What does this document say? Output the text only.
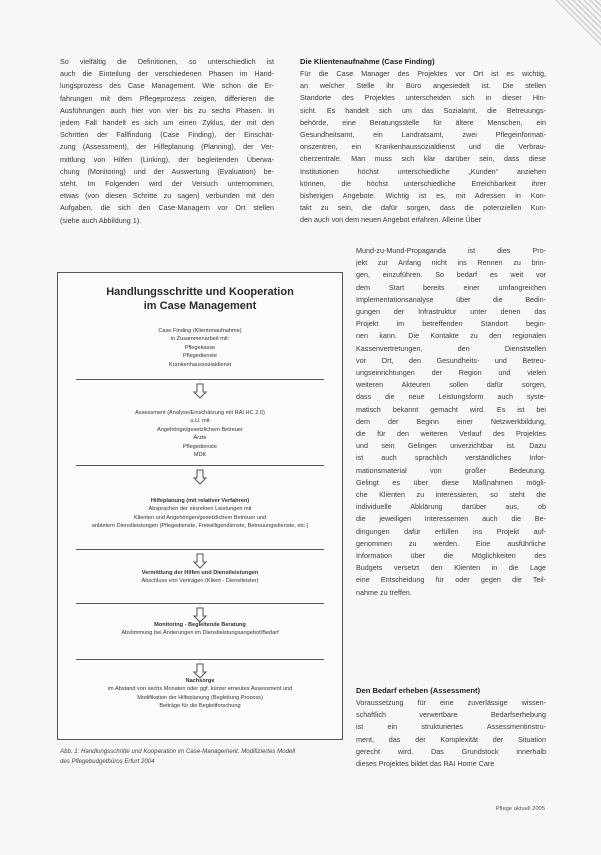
So vielfältig die Definitionen, so unterschiedlich ist
auch die Einteilung der verschiedenen Phasen im Hand-
lungsprozess des Case Management. Wie schon die Er-
fahrungen mit dem Pflegeprozess zeigen, differieren die
Ausführungen auch hier von vier bis zu sechs Phasen. In
jedem Fall handelt es sich um einen Zyklus, der mit den
Schritten der Fallfindung (Case Finding), der Einschät-
zung (Assessment), der Hilfeplanung (Planning), der Ver-
mittlung von Hilfen (Linking), der begleitenden Überwa-
chung (Monitoring) und der Auswertung (Evaluation) be-
steht. Im Folgenden wird der Versuch unternommen,
etwas (von diesen Schritte zu sagen) verbunden mit den
Aufgaben, die sich den Case-Managern vor Ort stellen
(siehe auch Abbildung 1).

Handlungsschritte und Kooperation
im Case Management
Case Finding (Klientenaufnahme)
in Zusammenarbeit mit:
Pflegekasse
Pflegedienste
Krankenhaussozialdienst
Assessment (Analyse/Einschätzung mit RAI HC 2.0)
u.U. mit
Angehörige/gesetzlichem Betreuer
Ärzte
Pflegedienste
MDK
Hilfeplanung (mit relativer Verfahren)
Absprachen der einzelnen Leistungen mit
Klienten und Angehörigen/gesetzlichem Betreuer und
anbietern Dienstleistungen (Pflegedienste, Freiwilligendienste, Betreuungsdienste, etc.)
Vermittlung der Hilfen und Dienstleistungen
Abschluss von Verträgen (Klient - Dienstleister)
Monitoring - Begleitende Beratung
Abstimmung bei Änderungen im Dienstleistungsangebot/Bedarf
Nachsorge
im Abstand von sechs Monaten oder ggf. kürzer erneutes Assessment und
Modifikation der Hilfeplanung (Begleitung Prozess)
Beiträge für die Begleitforschung
Abb. 1: Handlungsschritte und Kooperation im Case-Management. Modifiziertes Modell
des Pflegebudgetbüros Erfurt 2004

Die Klientenaufnahme (Case Finding)

Für die Case Manager des Projektes vor Ort ist es wichtig,
an welcher Stelle ihr Büro angesiedelt ist. Die stellen
Standorte des Projektes unterscheiden sich in dieser Hin-
sicht. Es handelt sich um das Sozialamt, die Betreuungs-
behörde, eine Beratungsstelle für ältere Menschen, ein
Gesundheitsamt, ein Landratsamt, zwei Pflegeinformati-
onszentren, ein Krankenhaussozialdienst und die Verbrau-
cherzentrale. Man muss sich klar darüber sein, dass diese
Institutionen höchst unterschiedliche „Kunden“ anziehen
können, die höchst unterschiedliche Erreichbarkeit ihrer
bisherigen Angebote. Wichtig ist es, mit Adressen in Kon-
takt zu sein, die dafür sorgen, dass die potenziellen Kun-
den auch von dem neuen Angebot erfahren. Alleine Über

Mund-zu-Mund-Propaganda ist dies Pro-
jekt zur Anfang nicht ins Rennen zu brin-
gen, einzuführen. So bedarf es weit vor
dem Start bereits einer umfangreichen
Implementationsanalyse über die Bedin-
gungen der Infrastruktur unter denen das
Projekt im betreffenden Standort begin-
nen kann. Die Kontakte zu den regionalen
Kassenvertretungen, den Dienststellen
vor Ort, den Gesundheits- und Betreu-
ungseinrichtungen der Region und vielen
weiteren Akteuren sollen dafür sorgen,
dass die neue Leistungsform auch syste-
matisch bekannt gemacht wird. Es ist bei
dem der Beginn einer Netzwerkbildung,
die für den weiteren Verlauf des Projektes
und sein Gelingen unverzichtbar ist. Dazu
ist auch sprachlich verständliches Infor-
mationsmaterial von großer Bedeutung.
Gelingt es über diese Maßnahmen mögli-
che Klienten zu interessieren, so steht die
individuelle Abklärung darüber aus, ob
die jeweiligen Interessenten auch die Be-
dingungen dafür erfüllen ins Projekt auf-
genommen zu werden. Eine ausführliche
Information über die Möglichkeiten des
Budgets versetzt den Klienten in die Lage
eine Entscheidung für oder gegen die Teil-
nahme zu treffen.

Den Bedarf erheben (Assessment)

Voraussetzung für eine zuverlässige wissen-
schaftlich verwertbare Bedarfserhebung
ist ein strukturiertes Assessmentinstru-
ment, das der Komplexität der Situation
gerecht wird. Das Grundstock innerhalb
dieses Projektes bildet das RAI Home Care

Pflege aktuell 2005
